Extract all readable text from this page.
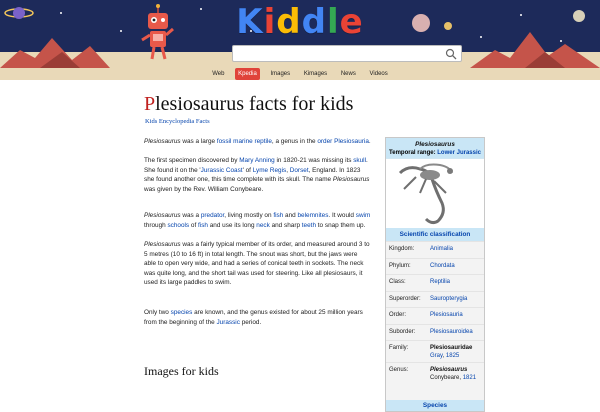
Kiddle
Web Kpedia Images Kimages News Videos
Plesiosaurus facts for kids
Kids Encyclopedia Facts

Plesiosaurus was a large fossil marine reptile, a genus in the order Plesiosauria.

The first specimen discovered by Mary Anning in 1820-21 was missing its skull. She found it on the 'Jurassic Coast' of Lyme Regis, Dorset, England. In 1823 she found another one, this time complete with its skull. The name Plesiosaurus was given by the Rev. William Conybeare.

Plesiosaurus was a predator, living mostly on fish and belemnites. It would swim through schools of fish and use its long neck and sharp teeth to snap them up.

Plesiosaurus was a fairly typical member of its order, and measured around 3 to 5 metres (10 to 16 ft) in total length. The snout was short, but the jaws were able to open very wide, and had a series of conical teeth in sockets. The neck was quite long, and the short tail was used for steering. Like all plesiosaurs, it used its large paddles to swim.

Only two species are known, and the genus existed for about 25 million years from the beginning of the Jurassic period.

Images for kids
Plesiosaurus
Temporal range: Lower Jurassic
Scientific classification
Kingdom:	Animalia
Phylum:	Chordata
Class:	Reptilia
Superorder: Sauropterygia
Order:	Plesiosauria
Suborder: Plesiosauroidea
Family:	Plesiosauridae
Gray, 1825
Genus:	Plesiosaurus
Conybeare, 1821
Species
